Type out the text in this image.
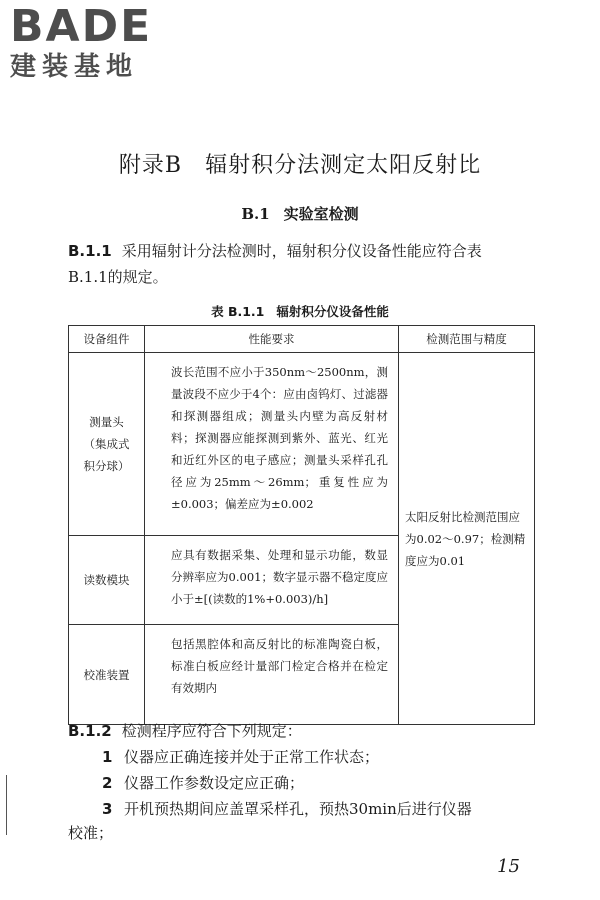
BADE
建装基地
附录B　辐射积分法测定太阳反射比
B.1 实验室检测
B.1.1 采用辐射计分法检测时，辐射积分仪设备性能应符合表
B.1.1的规定。
表 B.1.1 辐射积分仪设备性能
设备组件	性能要求	检测范围与精度

测量头
（集成式
积分球）	波长范围不应小于350nm～2500nm，测量波段不应少于4个：应由卤钨灯、过滤器和探测器组成；测量头内壁为高反射材料；探测器应能探测到紫外、蓝光、红光和近红外区的电子感应；测量头采样孔孔径应为25mm～26mm；重复性应为±0.003；偏差应为±0.002	太阳反射比检测范围应为0.02～0.97；检测精度应为0.01

读数模块	应具有数据采集、处理和显示功能，数显分辨率应为0.001；数字显示器不稳定度应小于±[(读数的1%+0.003)/h]	

校准装置	包括黑腔体和高反射比的标准陶瓷白板，标准白板应经计量部门检定合格并在检定有效期内	
B.1.2 检测程序应符合下列规定：
1 仪器应正确连接并处于正常工作状态；
2 仪器工作参数设定应正确；
3 开机预热期间应盖罩采样孔，预热30min后进行仪器
校准；
15
